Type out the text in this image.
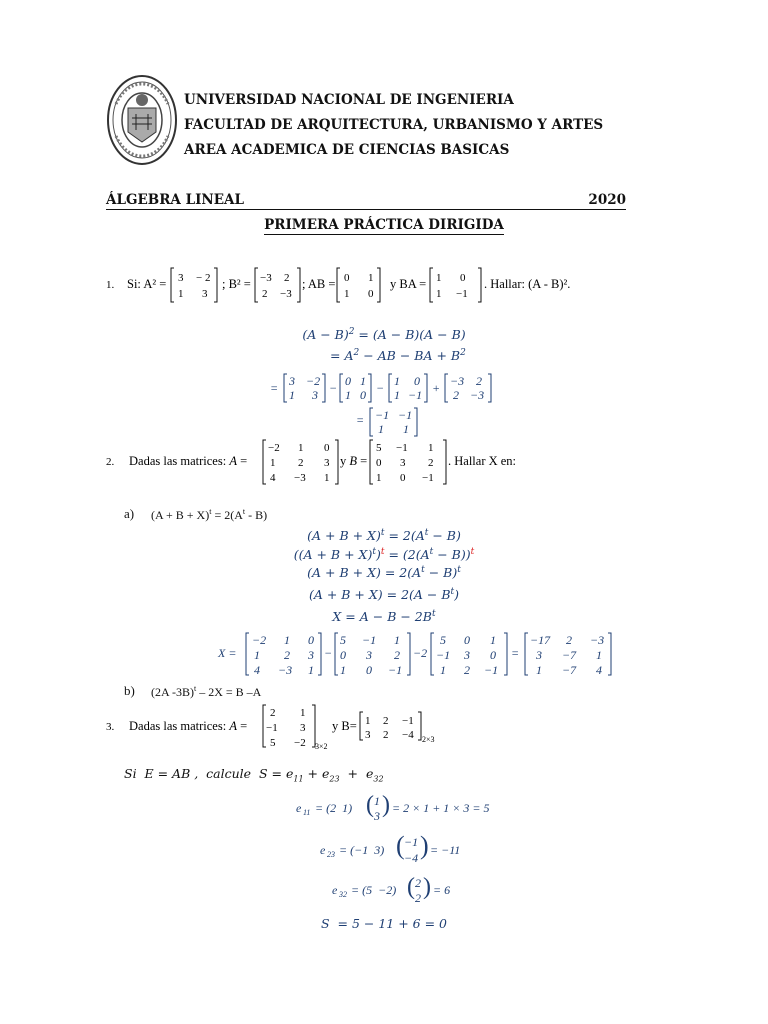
UNIVERSIDAD NACIONAL DE INGENIERIA
FACULTAD DE ARQUITECTURA, URBANISMO Y ARTES
AREA ACADEMICA DE CIENCIAS BASICAS
ÁLGEBRA LINEAL	2020
PRIMERA PRÁCTICA DIRIGIDA
1. Si: A² = 3 − 2
1 3
; B² = −3 2
2 −3
; AB = 0 1
1 0
y BA = 1 0
1 −1
. Hallar: (A - B)².
$(A - B)^2 = (A - B)(A - B)$
= $A^2$ − AB − BA + $B^2$
= 3 −2
1 3 − 0 1
1 0 − 1 0
1 −1 + −3 2
2 −3
= −1 −1
1 1
2. Dadas las matrices: A =
−2 1 0
1 2 3
4 −3 1
y B =
5 −1 1
0 3 2
1 0 −1
. Hallar X en:
a) $(A + B + X)^t = 2(A^t - B)$
$(A + B + X)^t = 2(A^t - B)$
$((A + B + X)^t)^t = (2(A^t - B))^t$
$(A + B + X) = 2(A^t - B)^t$
$(A + B + X) = 2(A - B^t)$
$X = A - B - 2B^t$
X =
−2 1 0
1 2 3
4 −3 1
−
5 −1 1
0 3 2
1 0 −1
−2
5 0 1
−1 3 0
1 2 −1
=
−17 2 −3
3 −7 1
1 −7 4
b) (2A -3B)$^t$ – 2X = B –A
3. Dadas las matrices: A =
2 1
−1 3
5 −2 3×2
y B= 1 2 −1
3 2 −4 2×3
Si  E = AB ,  calcule  $S = e_{11} + e_{23} + e_{32}$
e 11 = (2  1) ( 1
3 ) = 2 × 1 + 1 × 3 = 5
e 23 = (−1  3) ( −1
−4 ) = −11
e 32 = (5  −2) ( 2
2 ) = 6
S  = 5 − 11 + 6 = 0
